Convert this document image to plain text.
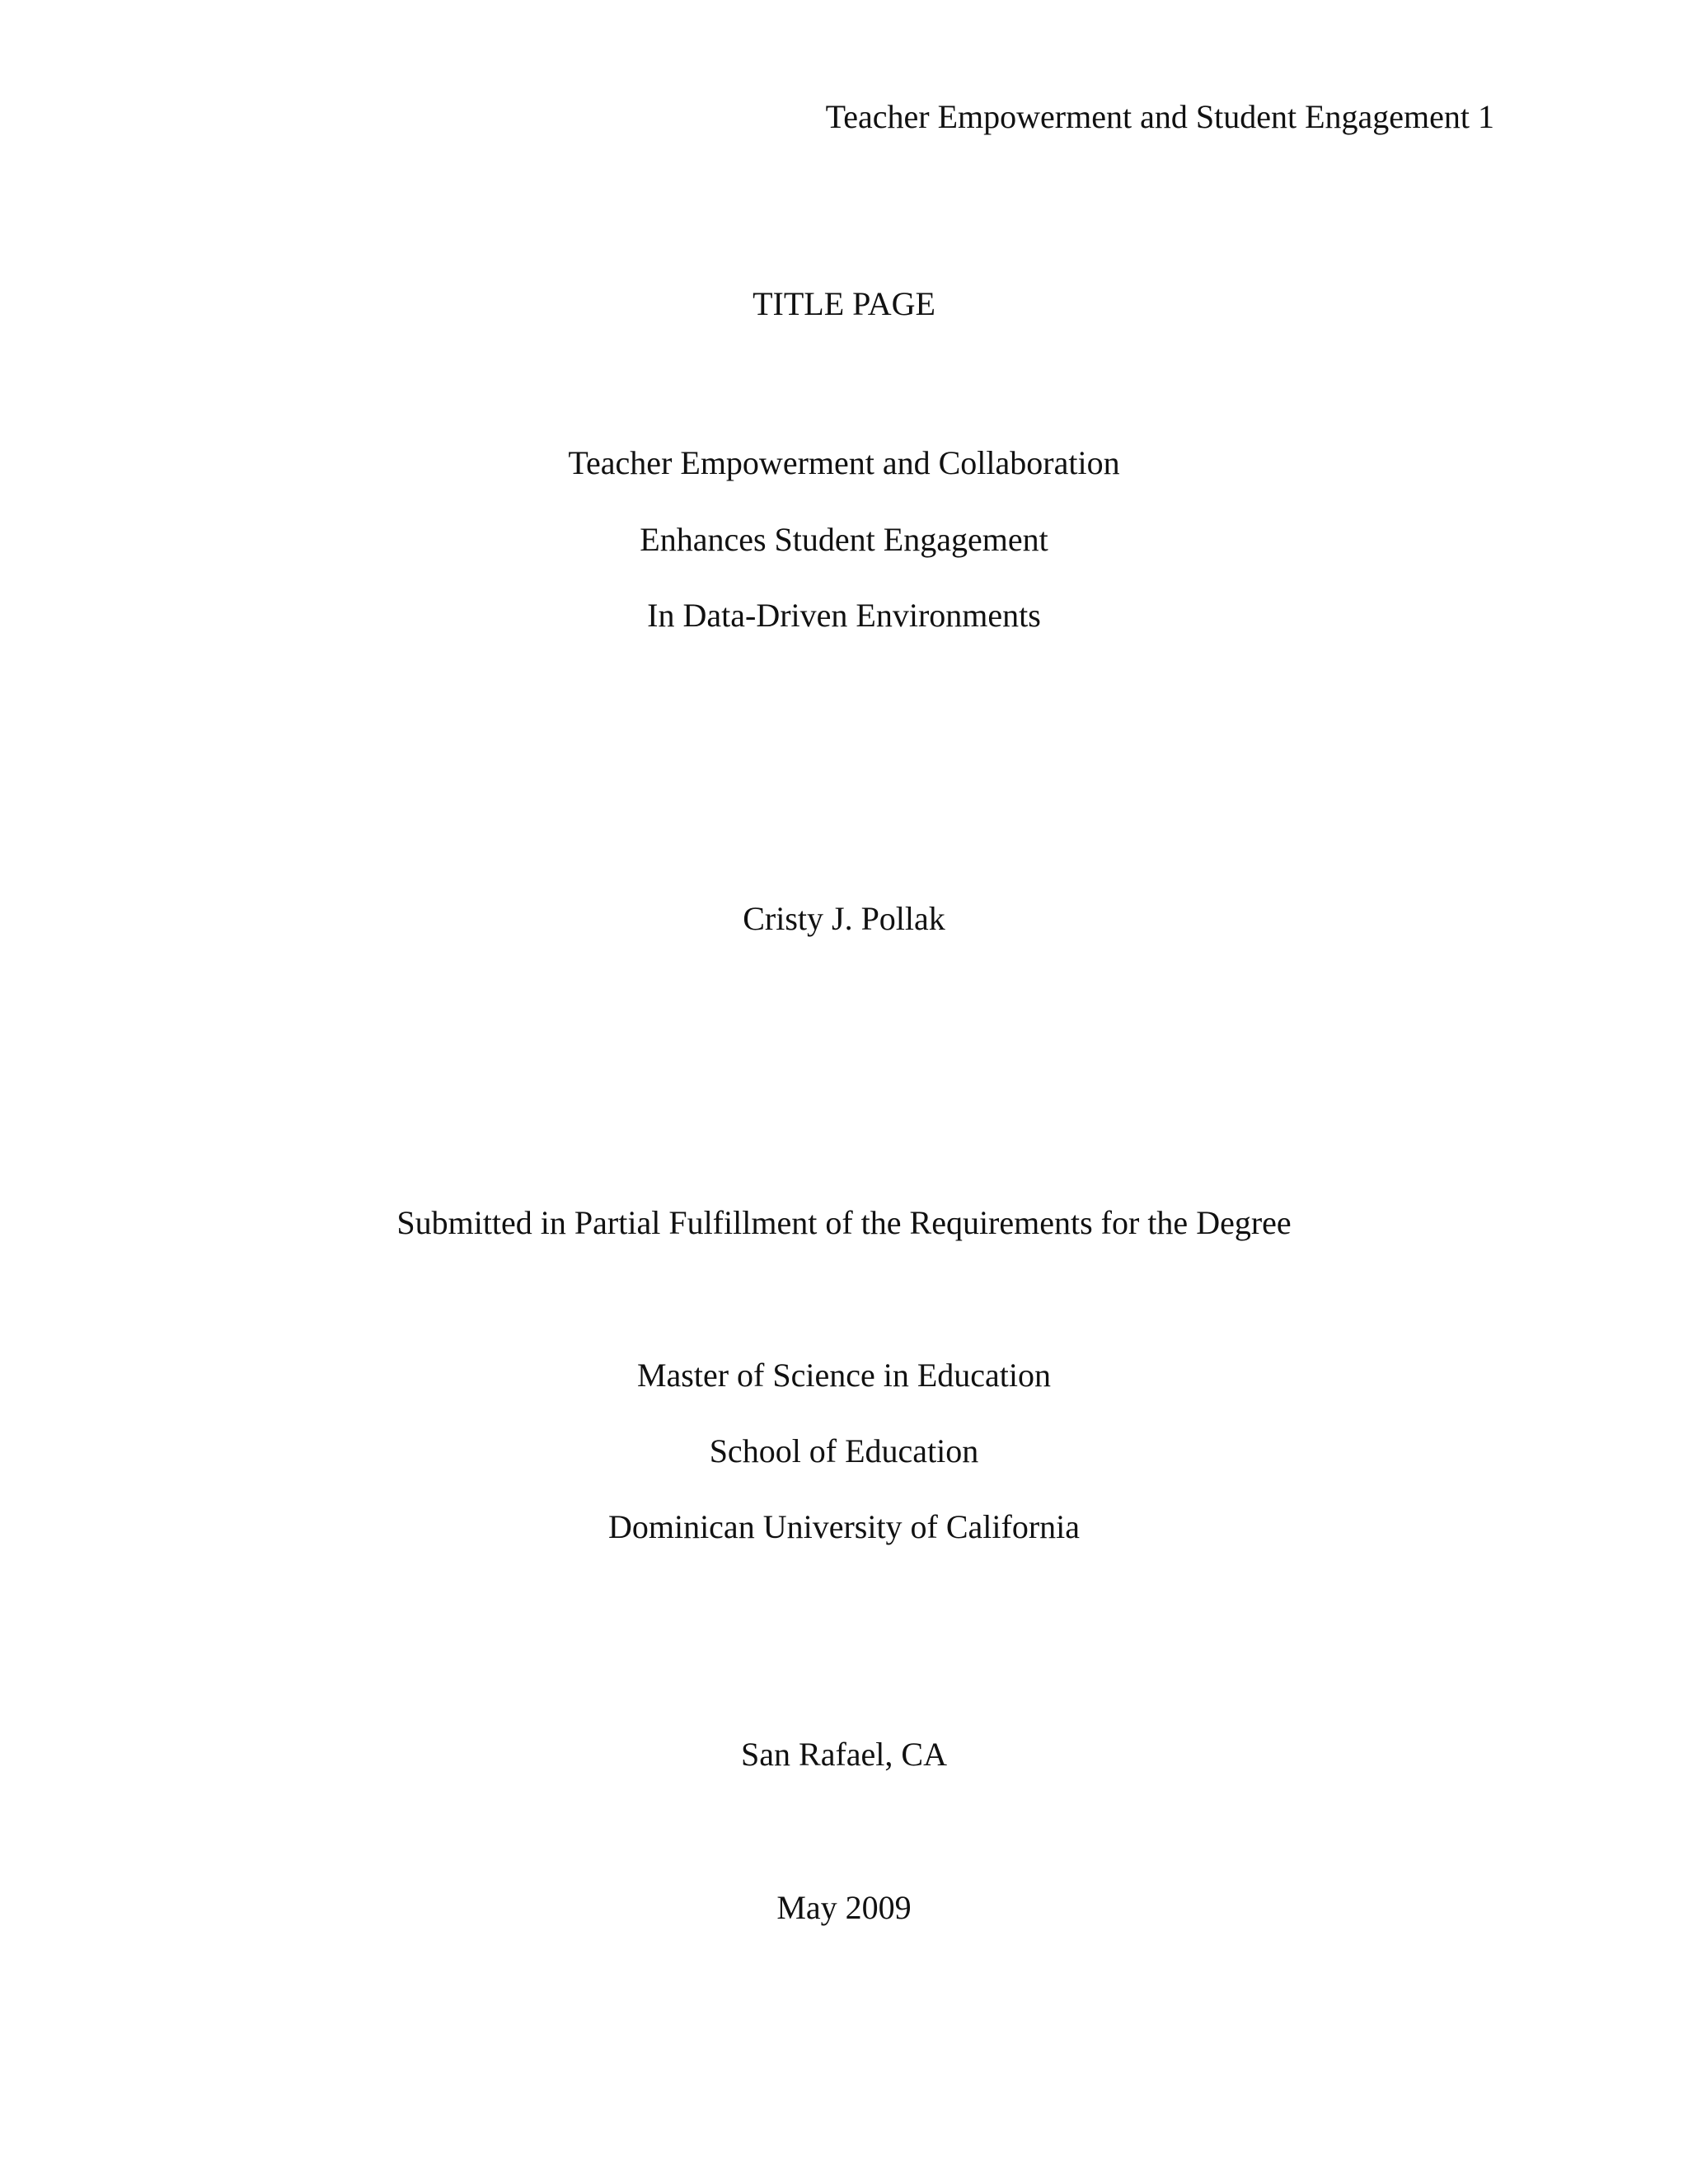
Teacher Empowerment and Student Engagement 1
TITLE PAGE
Teacher Empowerment and Collaboration
Enhances Student Engagement
In Data-Driven Environments
Cristy J. Pollak
Submitted in Partial Fulfillment of the Requirements for the Degree
Master of Science in Education
School of Education
Dominican University of California
San Rafael, CA
May 2009
